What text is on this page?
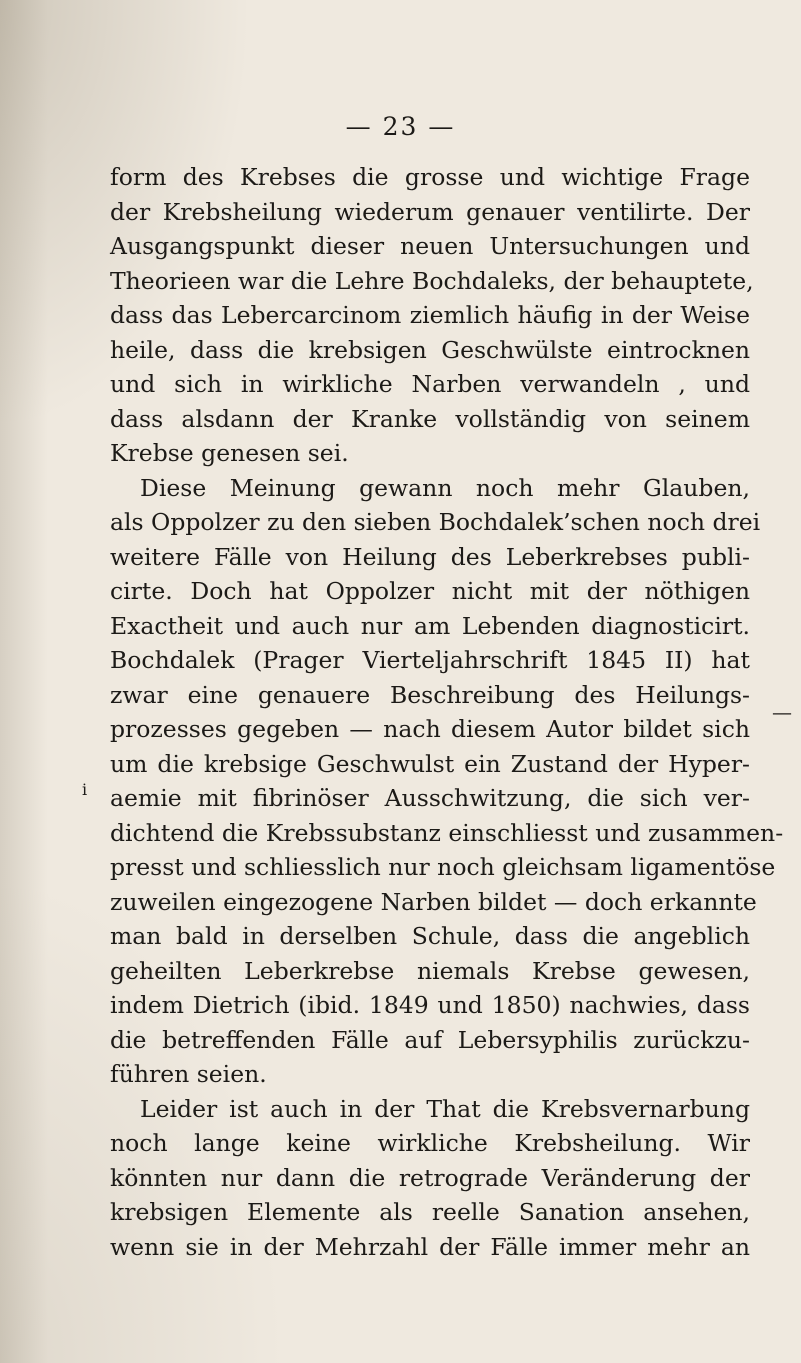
— 23 —
form des Krebses die grosse und wichtige Frage
der Krebsheilung wiederum genauer ventilirte. Der
Ausgangspunkt dieser neuen Untersuchungen und
Theorieen war die Lehre Bochdaleks, der behauptete,
dass das Lebercarcinom ziemlich häufig in der Weise
heile, dass die krebsigen Geschwülste eintrocknen
und sich in wirkliche Narben verwandeln , und
dass alsdann der Kranke vollständig von seinem
Krebse genesen sei.
Diese Meinung gewann noch mehr Glauben,
als Oppolzer zu den sieben Bochdalek’schen noch drei
weitere Fälle von Heilung des Leberkrebses publi-
cirte. Doch hat Oppolzer nicht mit der nöthigen
Exactheit und auch nur am Lebenden diagnosticirt.
Bochdalek (Prager Vierteljahrschrift 1845 II) hat
zwar eine genauere Beschreibung des Heilungs-
prozesses gegeben — nach diesem Autor bildet sich
um die krebsige Geschwulst ein Zustand der Hyper-
aemie mit fibrinöser Ausschwitzung, die sich ver-
dichtend die Krebssubstanz einschliesst und zusammen-
presst und schliesslich nur noch gleichsam ligamentöse
zuweilen eingezogene Narben bildet — doch erkannte
man bald in derselben Schule, dass die angeblich
geheilten Leberkrebse niemals Krebse gewesen,
indem Dietrich (ibid. 1849 und 1850) nachwies, dass
die betreffenden Fälle auf Lebersyphilis zurückzu-
führen seien.
Leider ist auch in der That die Krebsvernarbung
noch lange keine wirkliche Krebsheilung. Wir
könnten nur dann die retrograde Veränderung der
krebsigen Elemente als reelle Sanation ansehen,
wenn sie in der Mehrzahl der Fälle immer mehr an
—
i
